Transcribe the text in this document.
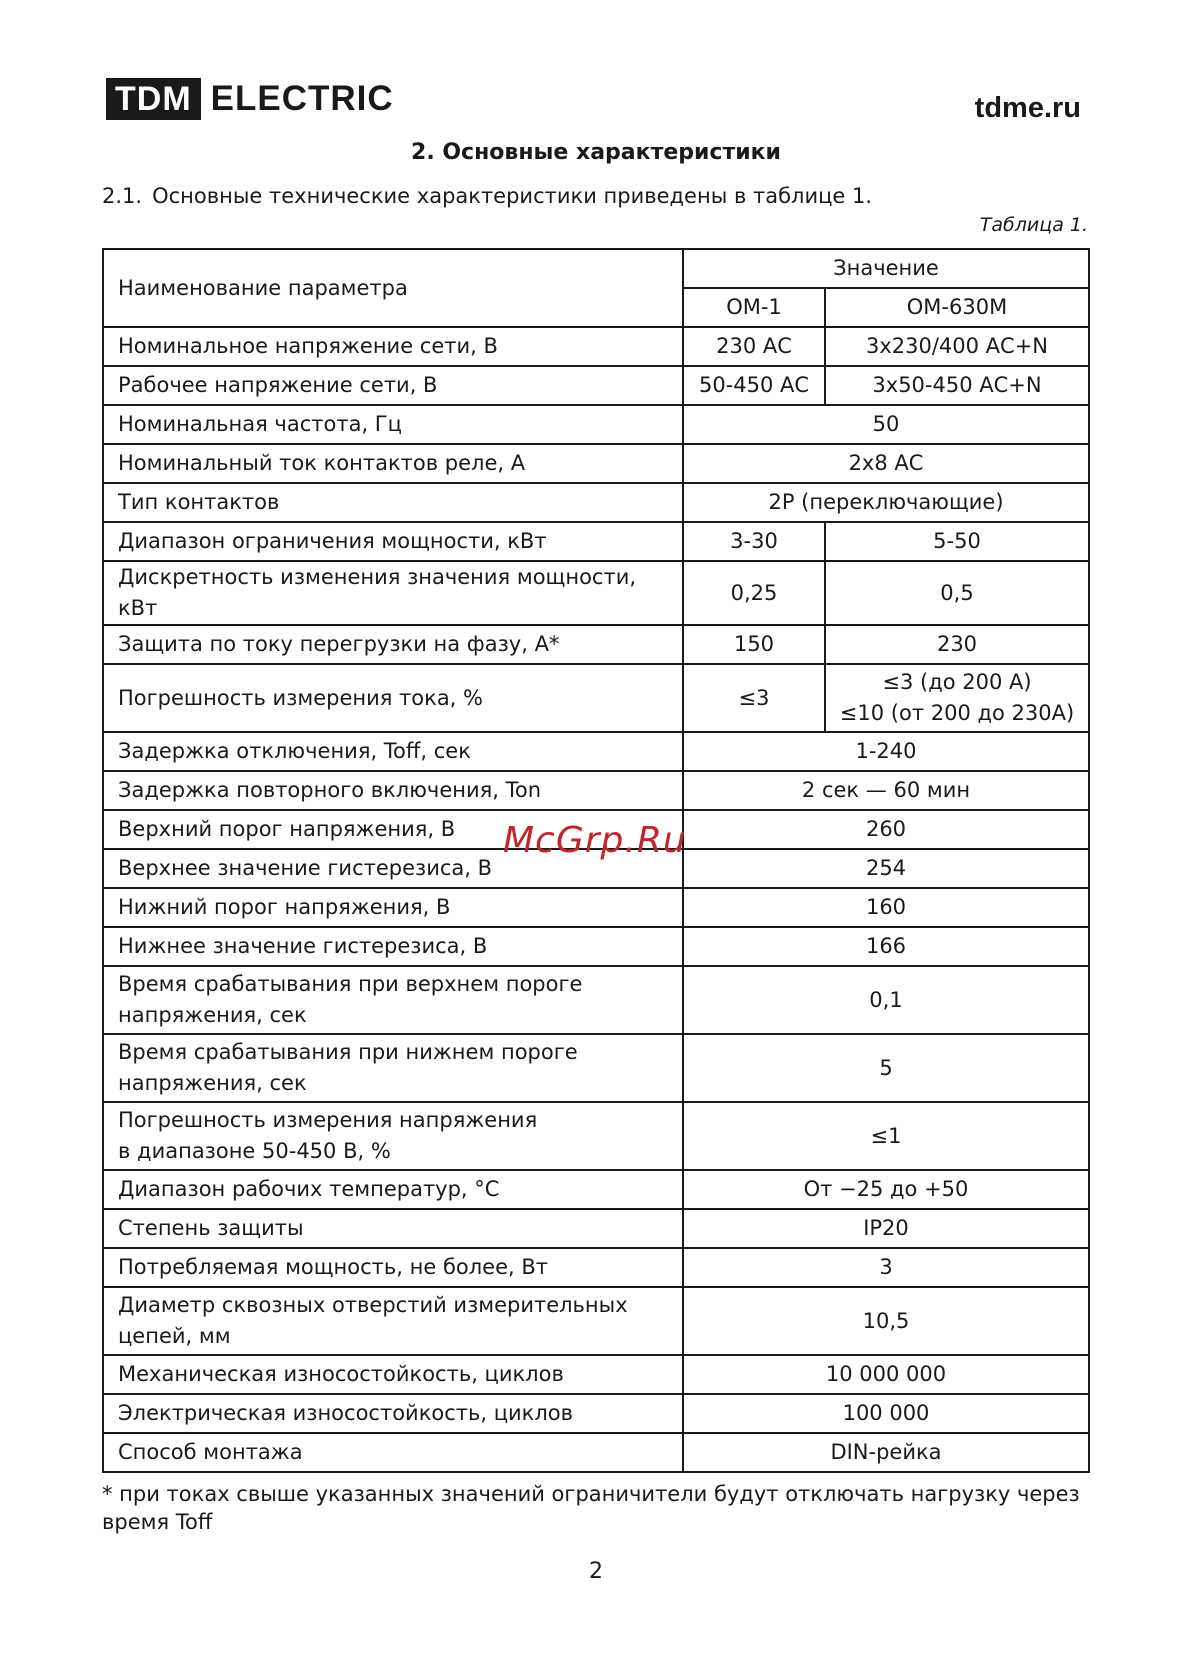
TDM ELECTRIC	tdme.ru
2. Основные характеристики
2.1. Основные технические характеристики приведены в таблице 1.
Таблица 1.
Наименование параметра	Значение	
	ОМ-1	ОМ-630М
Номинальное напряжение сети, В	230 АС	3х230/400 АС+N
Рабочее напряжение сети, В	50-450 АС	3х50-450 АС+N
Номинальная частота, Гц	50	
Номинальный ток контактов реле, А	2х8 АС	
Тип контактов	2Р (переключающие)	
Диапазон ограничения мощности, кВт	3-30	5-50
Дискретность изменения значения мощности, кВт	0,25	0,5
Защита по току перегрузки на фазу, А*	150	230
Погрешность измерения тока, %	≤3	≤3 (до 200 А)
≤10 (от 200 до 230А)

Задержка отключения, Toff, сек	1-240	
Задержка повторного включения, Ton	2 сек — 60 мин	
Верхний порог напряжения, В	260	
Верхнее значение гистерезиса, В	254	
Нижний порог напряжения, В	160	
Нижнее значение гистерезиса, В	166	

Время срабатывания при верхнем пороге
напряжения, сек	0,1	

Время срабатывания при нижнем пороге
напряжения, сек	5	

Погрешность измерения напряжения
в диапазоне 50-450 В, %	≤1	
Диапазон рабочих температур, °С	От −25 до +50	
Степень защиты	IP20	
Потребляемая мощность, не более, Вт	3	

Диаметр сквозных отверстий измерительных
цепей, мм	10,5	
Механическая износостойкость, циклов	10 000 000	
Электрическая износостойкость, циклов	100 000	
Способ монтажа	DIN-рейка	
McGrp.Ru
* при токах свыше указанных значений ограничители будут отключать нагрузку через время Toff
2
